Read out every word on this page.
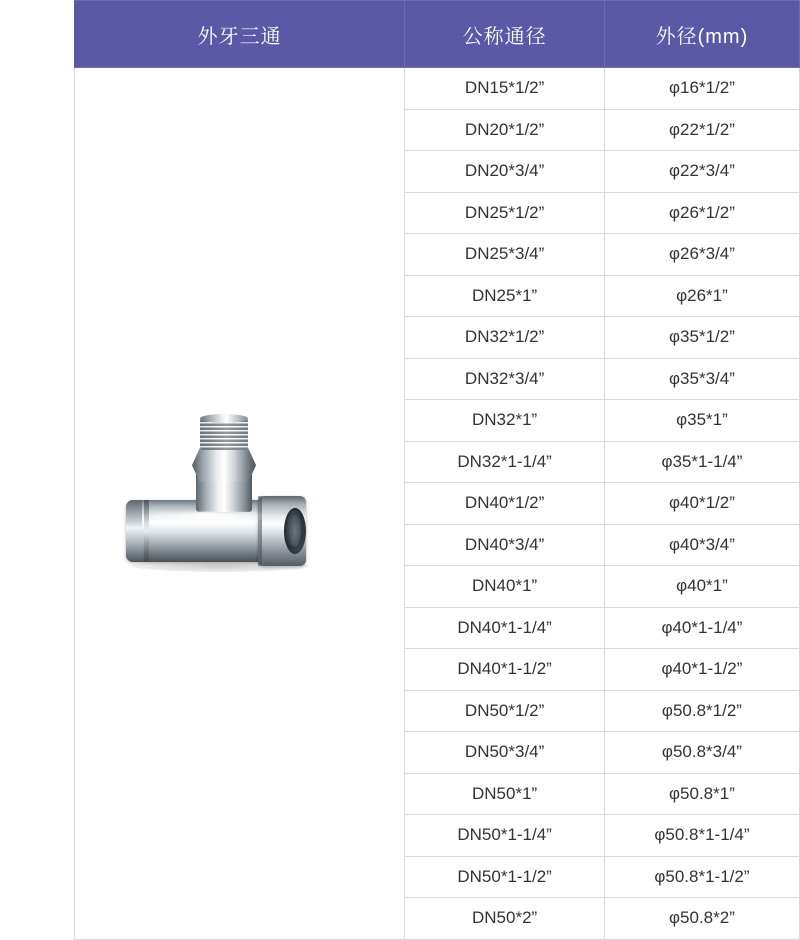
外牙三通	公称通径	外径(mm)

	DN15*1/2”	φ16*1/2”
	DN20*1/2”	φ22*1/2”
	DN20*3/4”	φ22*3/4”
	DN25*1/2”	φ26*1/2”
	DN25*3/4”	φ26*3/4”
	DN25*1”	φ26*1”
	DN32*1/2”	φ35*1/2”
	DN32*3/4”	φ35*3/4”
	DN32*1”	φ35*1”
	DN32*1-1/4”	φ35*1-1/4”
	DN40*1/2”	φ40*1/2”
	DN40*3/4”	φ40*3/4”
	DN40*1”	φ40*1”
	DN40*1-1/4”	φ40*1-1/4”
	DN40*1-1/2”	φ40*1-1/2”
	DN50*1/2”	φ50.8*1/2”
	DN50*3/4”	φ50.8*3/4”
	DN50*1”	φ50.8*1”
	DN50*1-1/4”	φ50.8*1-1/4”
	DN50*1-1/2”	φ50.8*1-1/2”
	DN50*2”	φ50.8*2”
